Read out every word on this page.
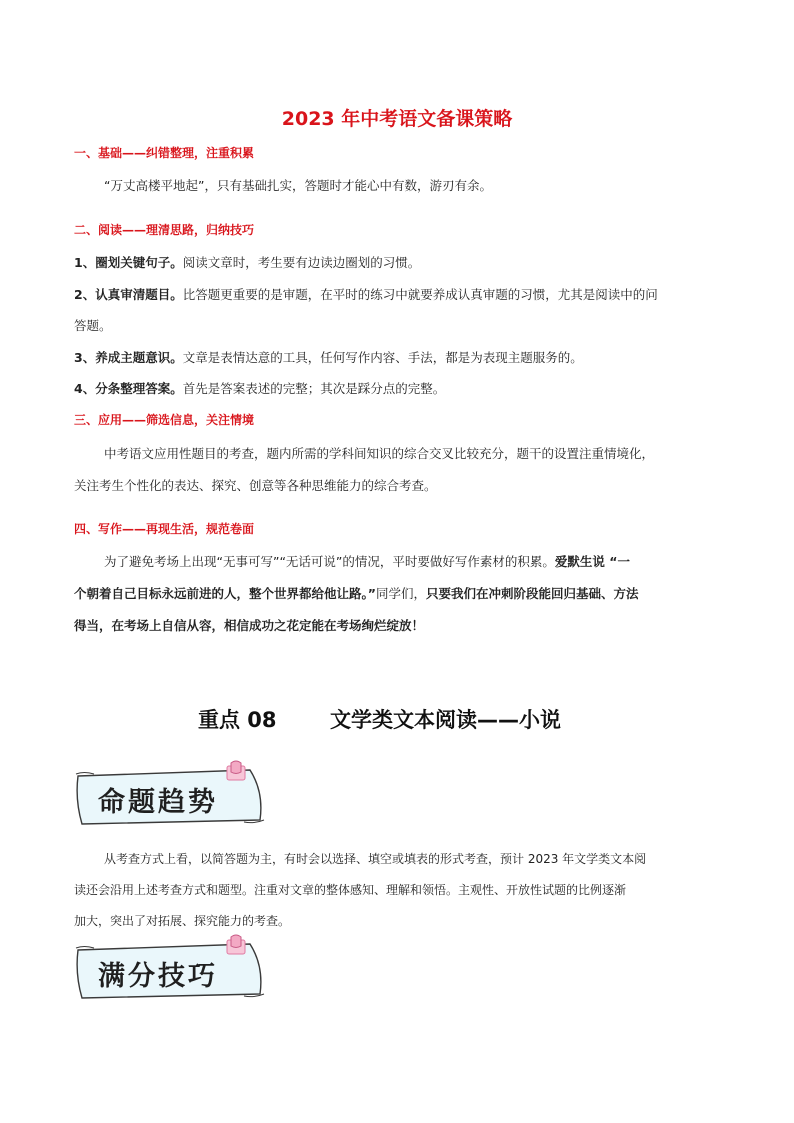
2023 年中考语文备课策略
一、基础——纠错整理，注重积累
“万丈高楼平地起”，只有基础扎实，答题时才能心中有数，游刃有余。
二、阅读——理清思路，归纳技巧
1、圈划关键句子。阅读文章时，考生要有边读边圈划的习惯。
2、认真审清题目。比答题更重要的是审题，在平时的练习中就要养成认真审题的习惯，尤其是阅读中的问
答题。
3、养成主题意识。文章是表情达意的工具，任何写作内容、手法，都是为表现主题服务的。
4、分条整理答案。首先是答案表述的完整；其次是踩分点的完整。
三、应用——筛选信息，关注情境
中考语文应用性题目的考查，题内所需的学科间知识的综合交叉比较充分，题干的设置注重情境化，
关注考生个性化的表达、探究、创意等各种思维能力的综合考查。
四、写作——再现生活，规范卷面
为了避免考场上出现“无事可写”“无话可说”的情况，平时要做好写作素材的积累。爱默生说 “一
个朝着自己目标永远前进的人，整个世界都给他让路。”同学们，只要我们在冲刺阶段能回归基础、方法
得当，在考场上自信从容，相信成功之花定能在考场绚烂绽放！
重点 08	文学类文本阅读——小说
命题趋势
从考查方式上看，以简答题为主，有时会以选择、填空或填表的形式考查，预计 2023 年文学类文本阅
读还会沿用上述考查方式和题型。注重对文章的整体感知、理解和领悟。主观性、开放性试题的比例逐渐
加大，突出了对拓展、探究能力的考查。
满分技巧
